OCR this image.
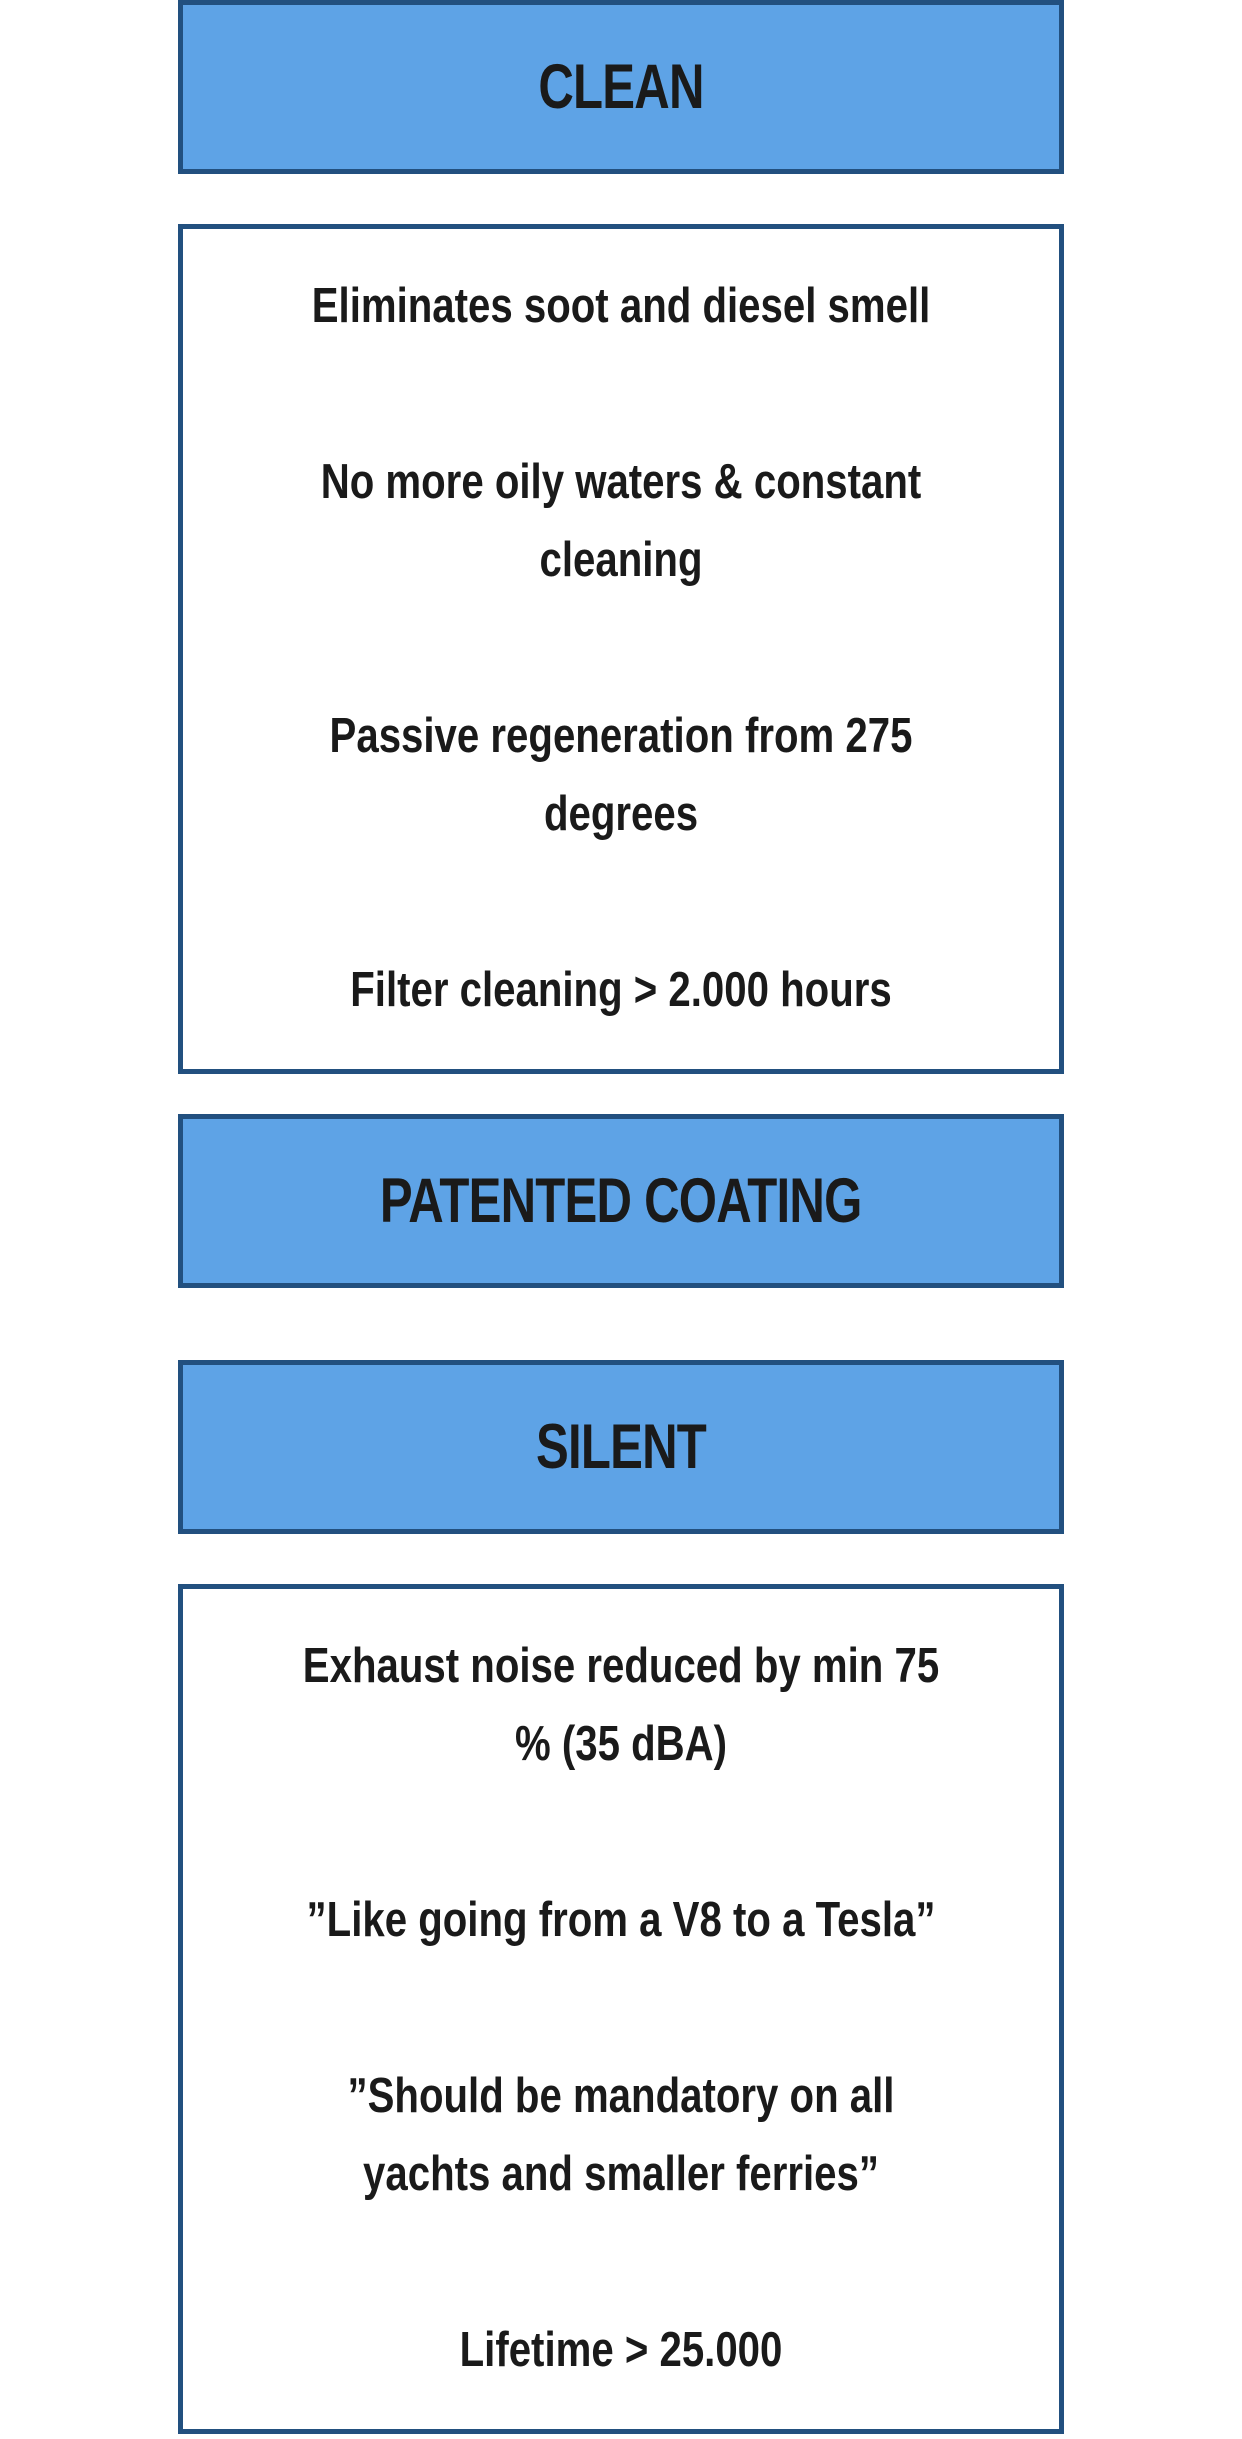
CLEAN
Eliminates soot and diesel smell
No more oily waters & constant cleaning
Passive regeneration from 275 degrees
Filter cleaning > 2.000 hours
PATENTED COATING
SILENT
Exhaust noise reduced by min 75 % (35 dBA)
”Like going from a V8 to a Tesla”
”Should be mandatory on all yachts and smaller ferries”
Lifetime > 25.000
